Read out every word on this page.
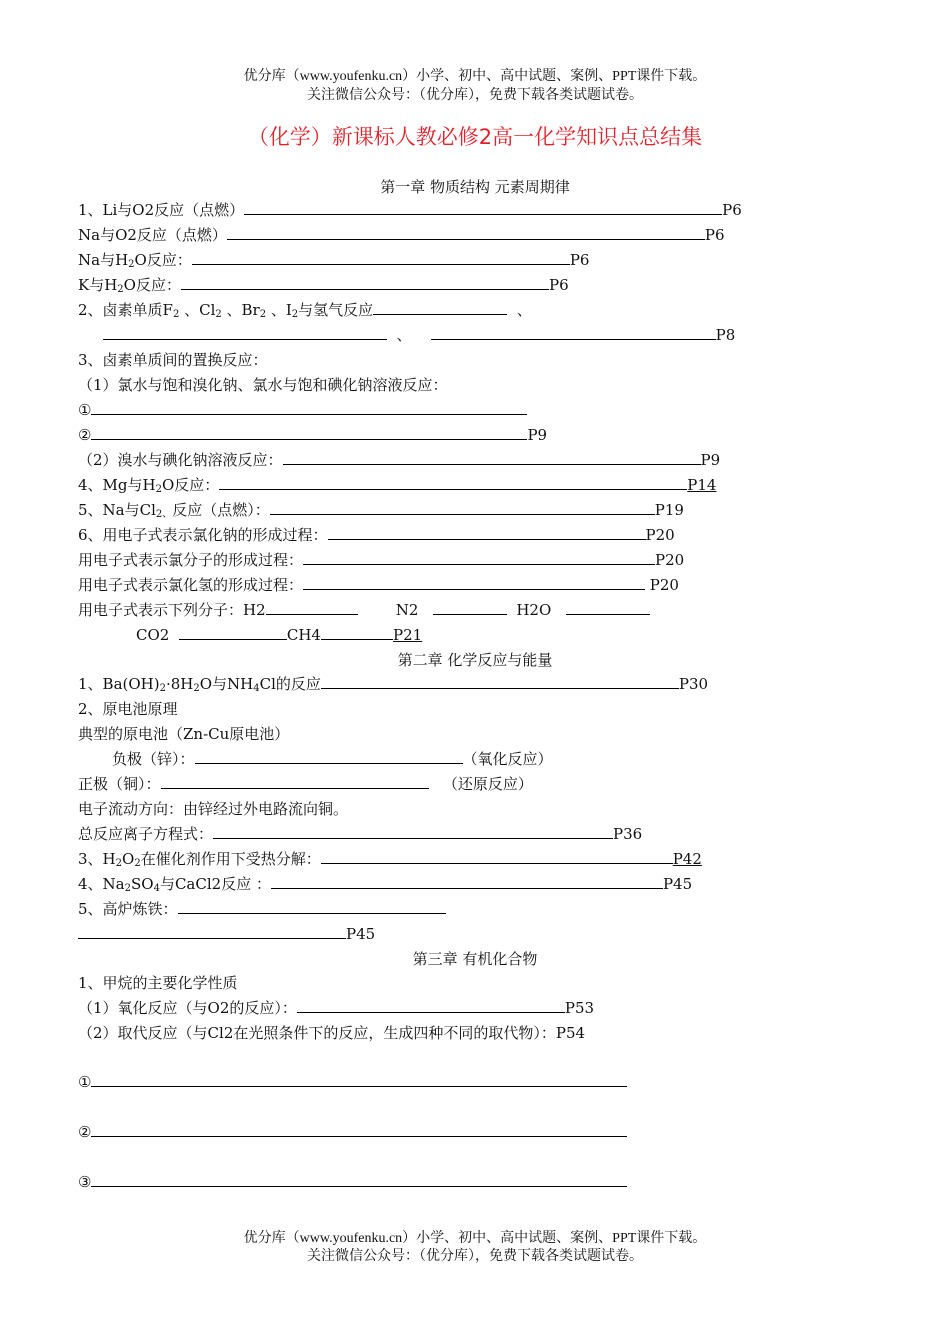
优分库（www.youfenku.cn）小学、初中、高中试题、案例、PPT课件下载。
关注微信公众号：（优分库），免费下载各类试题试卷。
（化学）新课标人教必修2高一化学知识点总结集
第一章 物质结构 元素周期律
1、Li与O2反应（点燃）	P6
Na与O2反应（点燃）	P6
Na与$H_2O$反应：	P6
K与$H_2O$反应：	P6
2、卤素单质$F_2$ 、$Cl_2$ 、$Br_2$ 、$I_2$与氢气反应	、
、	P8
3、卤素单质间的置换反应：
（1）氯水与饱和溴化钠、氯水与饱和碘化钠溶液反应：
①
②	P9
（2）溴水与碘化钠溶液反应：	P9
4、Mg与$H_2O$反应：	P14
5、Na与$Cl_{2、}$反应（点燃）：	P19
6、用电子式表示氯化钠的形成过程：	P20
用电子式表示氯分子的形成过程：	P20
用电子式表示氯化氢的形成过程：	P20
用电子式表示下列分子：H2	N2	H2O
CO2	CH4	P21
第二章 化学反应与能量
1、$Ba(OH)_2\cdot 8H_2O$与$NH_4Cl$的反应	P30
2、原电池原理
典型的原电池（Zn-Cu原电池）
负极（锌）：	（氧化反应）
正极（铜）：	（还原反应）
电子流动方向：由锌经过外电路流向铜。
总反应离子方程式：	P36
3、$H_2O_2$在催化剂作用下受热分解：	P42
4、$Na_2SO_4$与CaCl2反应 ：	P45
5、高炉炼铁：
P45
第三章 有机化合物
1、甲烷的主要化学性质
（1）氧化反应（与O2的反应）：	P53
（2）取代反应（与Cl2在光照条件下的反应，生成四种不同的取代物）：P54
①
②
③
优分库（www.youfenku.cn）小学、初中、高中试题、案例、PPT课件下载。
关注微信公众号：（优分库），免费下载各类试题试卷。
